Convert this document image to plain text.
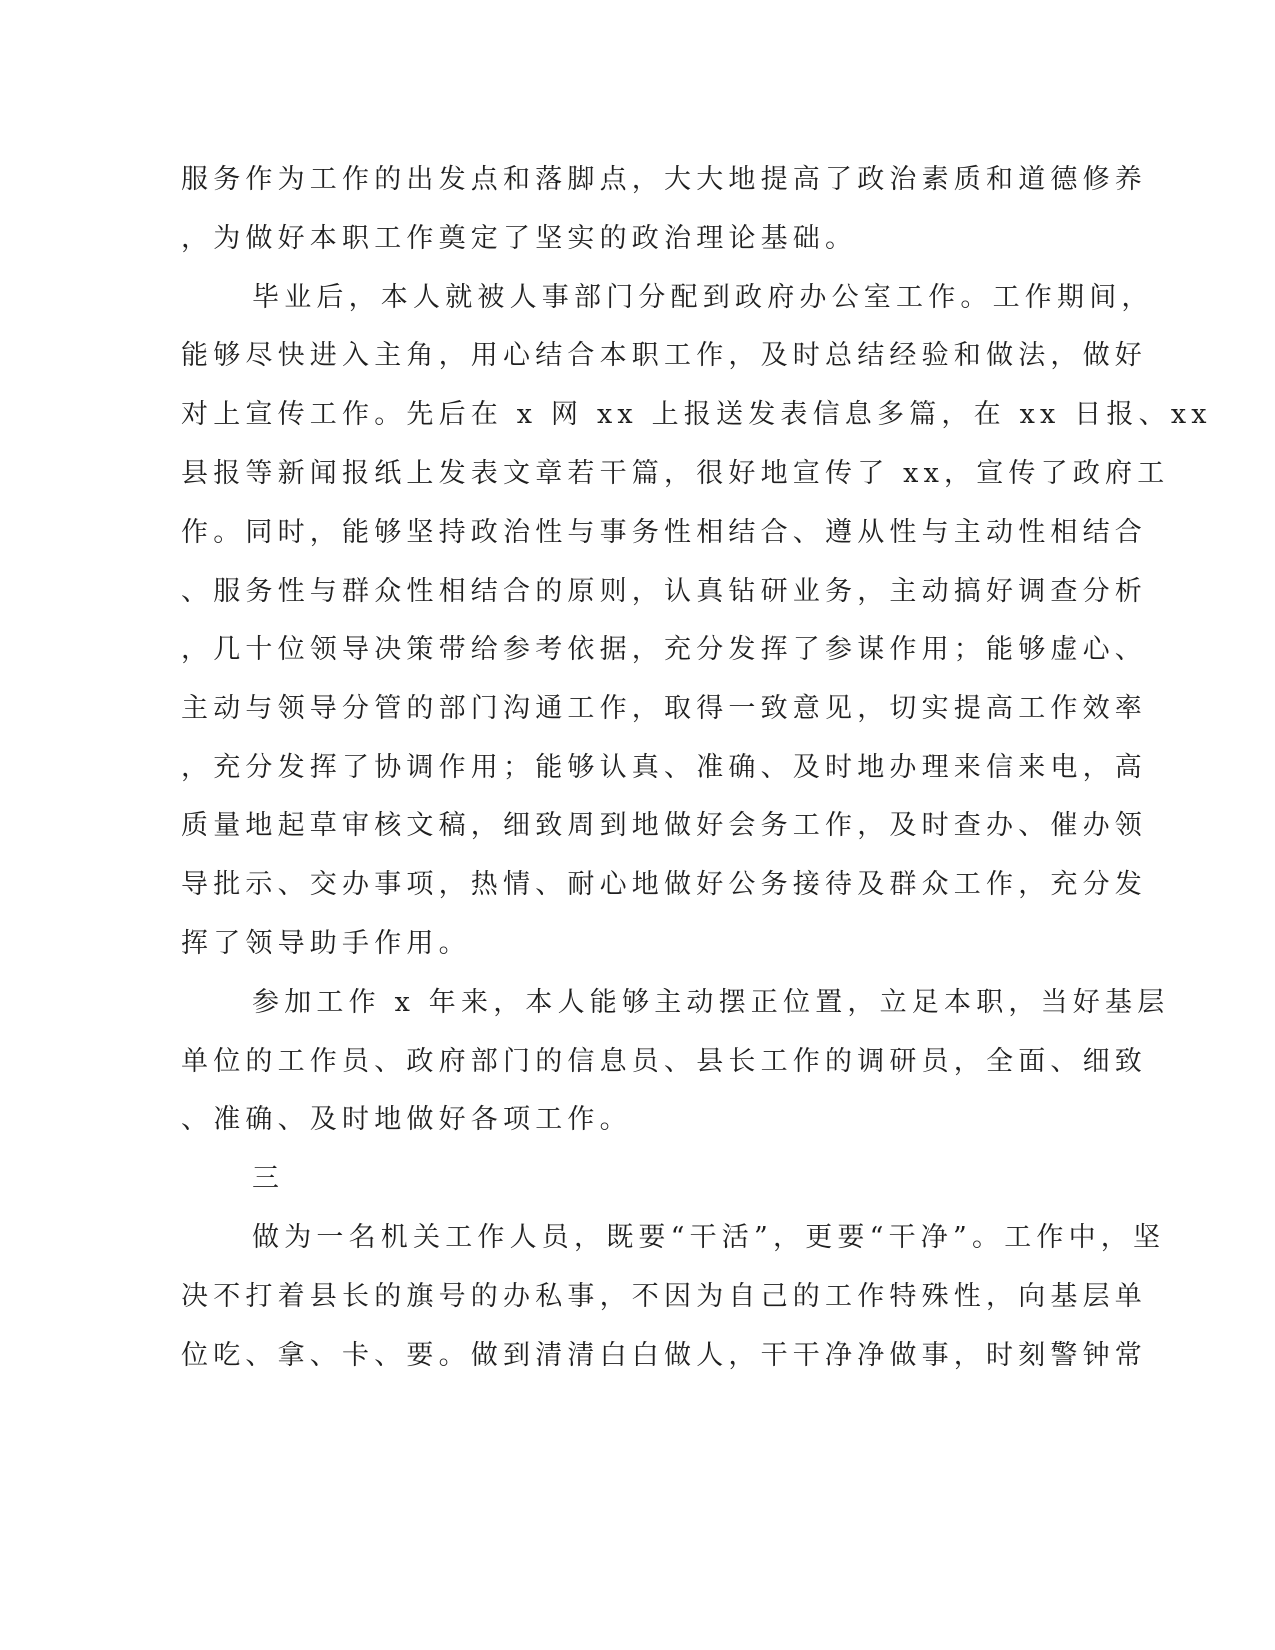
服务作为工作的出发点和落脚点，大大地提高了政治素质和道德修养

，为做好本职工作奠定了坚实的政治理论基础。

毕业后，本人就被人事部门分配到政府办公室工作。工作期间，

能够尽快进入主角，用心结合本职工作，及时总结经验和做法，做好

对上宣传工作。先后在 x 网 xx 上报送发表信息多篇，在 xx 日报、xx

县报等新闻报纸上发表文章若干篇，很好地宣传了 xx，宣传了政府工

作。同时，能够坚持政治性与事务性相结合、遵从性与主动性相结合

、服务性与群众性相结合的原则，认真钻研业务，主动搞好调查分析

，几十位领导决策带给参考依据，充分发挥了参谋作用；能够虚心、

主动与领导分管的部门沟通工作，取得一致意见，切实提高工作效率

，充分发挥了协调作用；能够认真、准确、及时地办理来信来电，高

质量地起草审核文稿，细致周到地做好会务工作，及时查办、催办领

导批示、交办事项，热情、耐心地做好公务接待及群众工作，充分发

挥了领导助手作用。

参加工作 x 年来，本人能够主动摆正位置，立足本职，当好基层

单位的工作员、政府部门的信息员、县长工作的调研员，全面、细致

、准确、及时地做好各项工作。

三

做为一名机关工作人员，既要“干活”，更要“干净”。工作中，坚

决不打着县长的旗号的办私事，不因为自己的工作特殊性，向基层单

位吃、拿、卡、要。做到清清白白做人，干干净净做事，时刻警钟常
